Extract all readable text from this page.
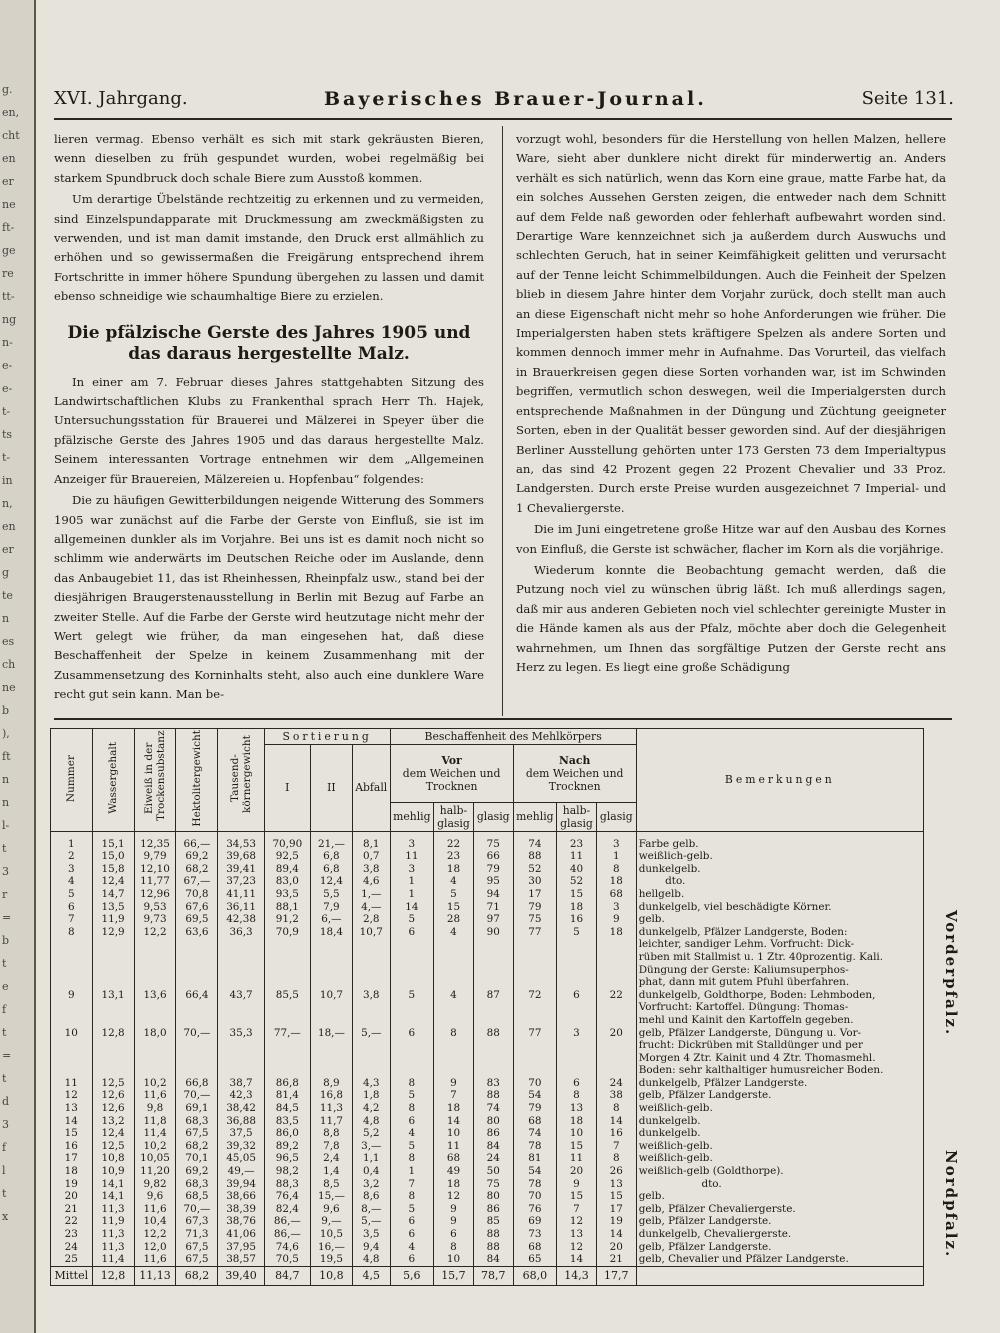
g.
en,
cht
en
er
ne
ft-
ge
re
tt-
ng
n-
e-
e-
t-
ts
t-
in
n,
en
er
g
te
n
es
ch
ne
b
),
ft
n
n
l-
t
3
r
=
b
t
e
f
t
=
t
d
3
f
l
t
x
XVI. Jahrgang.	Bayerisches Brauer-Journal.	Seite 131.

lieren vermag. Ebenso verhält es sich mit stark gekräusten Bieren, wenn dieselben zu früh gespundet wurden, wobei regelmäßig bei starkem Spundbruck doch schale Biere zum Ausstoß kommen.

Um derartige Übelstände rechtzeitig zu erkennen und zu vermeiden, sind Einzelspundapparate mit Druckmessung am zweckmäßigsten zu verwenden, und ist man damit imstande, den Druck erst allmählich zu erhöhen und so gewissermaßen die Freigärung entsprechend ihrem Fortschritte in immer höhere Spundung übergehen zu lassen und damit ebenso schneidige wie schaumhaltige Biere zu erzielen.

Die pfälzische Gerste des Jahres 1905 und das daraus hergestellte Malz.

In einer am 7. Februar dieses Jahres stattgehabten Sitzung des Landwirtschaftlichen Klubs zu Frankenthal sprach Herr Th. Hajek, Untersuchungsstation für Brauerei und Mälzerei in Speyer über die pfälzische Gerste des Jahres 1905 und das daraus hergestellte Malz. Seinem interessanten Vortrage entnehmen wir dem „Allgemeinen Anzeiger für Brauereien, Mälzereien u. Hopfenbau“ folgendes:

Die zu häufigen Gewitterbildungen neigende Witterung des Sommers 1905 war zunächst auf die Farbe der Gerste von Einfluß, sie ist im allgemeinen dunkler als im Vorjahre. Bei uns ist es damit noch nicht so schlimm wie anderwärts im Deutschen Reiche oder im Auslande, denn das Anbaugebiet 11, das ist Rheinhessen, Rheinpfalz usw., stand bei der diesjährigen Braugerstenausstellung in Berlin mit Bezug auf Farbe an zweiter Stelle. Auf die Farbe der Gerste wird heutzutage nicht mehr der Wert gelegt wie früher, da man eingesehen hat, daß diese Beschaffenheit der Spelze in keinem Zusammenhang mit der Zusammensetzung des Korninhalts steht, also auch eine dunklere Ware recht gut sein kann. Man be-

vorzugt wohl, besonders für die Herstellung von hellen Malzen, hellere Ware, sieht aber dunklere nicht direkt für minderwertig an. Anders verhält es sich natürlich, wenn das Korn eine graue, matte Farbe hat, da ein solches Aussehen Gersten zeigen, die entweder nach dem Schnitt auf dem Felde naß geworden oder fehlerhaft aufbewahrt worden sind. Derartige Ware kennzeichnet sich ja außerdem durch Auswuchs und schlechten Geruch, hat in seiner Keimfähigkeit gelitten und verursacht auf der Tenne leicht Schimmelbildungen. Auch die Feinheit der Spelzen blieb in diesem Jahre hinter dem Vorjahr zurück, doch stellt man auch an diese Eigenschaft nicht mehr so hohe Anforderungen wie früher. Die Imperialgersten haben stets kräftigere Spelzen als andere Sorten und kommen dennoch immer mehr in Aufnahme. Das Vorurteil, das vielfach in Brauerkreisen gegen diese Sorten vorhanden war, ist im Schwinden begriffen, vermutlich schon deswegen, weil die Imperialgersten durch entsprechende Maßnahmen in der Düngung und Züchtung geeigneter Sorten, eben in der Qualität besser geworden sind. Auf der diesjährigen Berliner Ausstellung gehörten unter 173 Gersten 73 dem Imperialtypus an, das sind 42 Prozent gegen 22 Prozent Chevalier und 33 Proz. Landgersten. Durch erste Preise wurden ausgezeichnet 7 Imperial- und 1 Chevaliergerste.

Die im Juni eingetretene große Hitze war auf den Ausbau des Kornes von Einfluß, die Gerste ist schwächer, flacher im Korn als die vorjährige.

Wiederum konnte die Beobachtung gemacht werden, daß die Putzung noch viel zu wünschen übrig läßt. Ich muß allerdings sagen, daß mir aus anderen Gebieten noch viel schlechter gereinigte Muster in die Hände kamen als aus der Pfalz, möchte aber doch die Gelegenheit wahrnehmen, um Ihnen das sorgfältige Putzen der Gerste recht ans Herz zu legen. Es liegt eine große Schädigung

Nummer	Wassergehalt	Eiweiß in der Trockensubstanz	Hektolitergewicht	Tausend-körnergewicht	Sortierung			Beschaffenheit des Mehlkörpers						Bemerkungen
					I	II	Abfall	Vor
dem Weichen und Trocknen			Nach
dem Weichen und Trocknen			
								mehlig	halb-glasig	glasig	mehlig	halb-glasig	glasig	
1	15,1	12,35	66,—	34,53	70,90	21,—	8,1	3	22	75	74	23	3	Farbe gelb.

2	15,0	9,79	69,2	39,68	92,5	6,8	0,7	11	23	66	88	11	1	weißlich-gelb.

3	15,8	12,10	68,2	39,41	89,4	6,8	3,8	3	18	79	52	40	8	dunkelgelb.

4	12,4	11,77	67,—	37,23	83,0	12,4	4,6	1	4	95	30	52	18	dto.

5	14,7	12,96	70,8	41,11	93,5	5,5	1,—	1	5	94	17	15	68	hellgelb.

6	13,5	9,53	67,6	36,11	88,1	7,9	4,—	14	15	71	79	18	3	dunkelgelb, viel beschädigte Körner.

7	11,9	9,73	69,5	42,38	91,2	6,—	2,8	5	28	97	75	16	9	gelb.

8	12,9	12,2	63,6	36,3	70,9	18,4	10,7	6	4	90	77	5	18	dunkelgelb, Pfälzer Landgerste, Boden:
leichter, sandiger Lehm. Vorfrucht: Dick-
rüben mit Stallmist u. 1 Ztr. 40prozentig. Kali.
Düngung der Gerste: Kaliumsuperphos-
phat, dann mit gutem Pfuhl überfahren.

9	13,1	13,6	66,4	43,7	85,5	10,7	3,8	5	4	87	72	6	22	dunkelgelb, Goldthorpe, Boden: Lehmboden,
Vorfrucht: Kartoffel. Düngung: Thomas-
mehl und Kainit den Kartoffeln gegeben.

10	12,8	18,0	70,—	35,3	77,—	18,—	5,—	6	8	88	77	3	20	gelb, Pfälzer Landgerste, Düngung u. Vor-
frucht: Dickrüben mit Stalldünger und per
Morgen 4 Ztr. Kainit und 4 Ztr. Thomasmehl.
Boden: sehr kalthaltiger humusreicher Boden.

11	12,5	10,2	66,8	38,7	86,8	8,9	4,3	8	9	83	70	6	24	dunkelgelb, Pfälzer Landgerste.

12	12,6	11,6	70,—	42,3	81,4	16,8	1,8	5	7	88	54	8	38	gelb, Pfälzer Landgerste.

13	12,6	9,8	69,1	38,42	84,5	11,3	4,2	8	18	74	79	13	8	weißlich-gelb.

14	13,2	11,8	68,3	36,88	83,5	11,7	4,8	6	14	80	68	18	14	dunkelgelb.

15	12,4	11,4	67,5	37,5	86,0	8,8	5,2	4	10	86	74	10	16	dunkelgelb.

16	12,5	10,2	68,2	39,32	89,2	7,8	3,—	5	11	84	78	15	7	weißlich-gelb.

17	10,8	10,05	70,1	45,05	96,5	2,4	1,1	8	68	24	81	11	8	weißlich-gelb.

18	10,9	11,20	69,2	49,—	98,2	1,4	0,4	1	49	50	54	20	26	weißlich-gelb (Goldthorpe).

19	14,1	9,82	68,3	39,94	88,3	8,5	3,2	7	18	75	78	9	13	dto.

20	14,1	9,6	68,5	38,66	76,4	15,—	8,6	8	12	80	70	15	15	gelb.

21	11,3	11,6	70,—	38,39	82,4	9,6	8,—	5	9	86	76	7	17	gelb, Pfälzer Chevaliergerste.

22	11,9	10,4	67,3	38,76	86,—	9,—	5,—	6	9	85	69	12	19	gelb, Pfälzer Landgerste.

23	11,3	12,2	71,3	41,06	86,—	10,5	3,5	6	6	88	73	13	14	dunkelgelb, Chevaliergerste.

24	11,3	12,0	67,5	37,95	74,6	16,—	9,4	4	8	88	68	12	20	gelb, Pfälzer Landgerste.

25	11,4	11,6	67,5	38,57	70,5	19,5	4,8	6	10	84	65	14	21	gelb, Chevalier und Pfälzer Landgerste.

Mittel	12,8	11,13	68,2	39,40	84,7	10,8	4,5	5,6	15,7	78,7	68,0	14,3	17,7	
Vorderpfalz.
Nordpfalz.
